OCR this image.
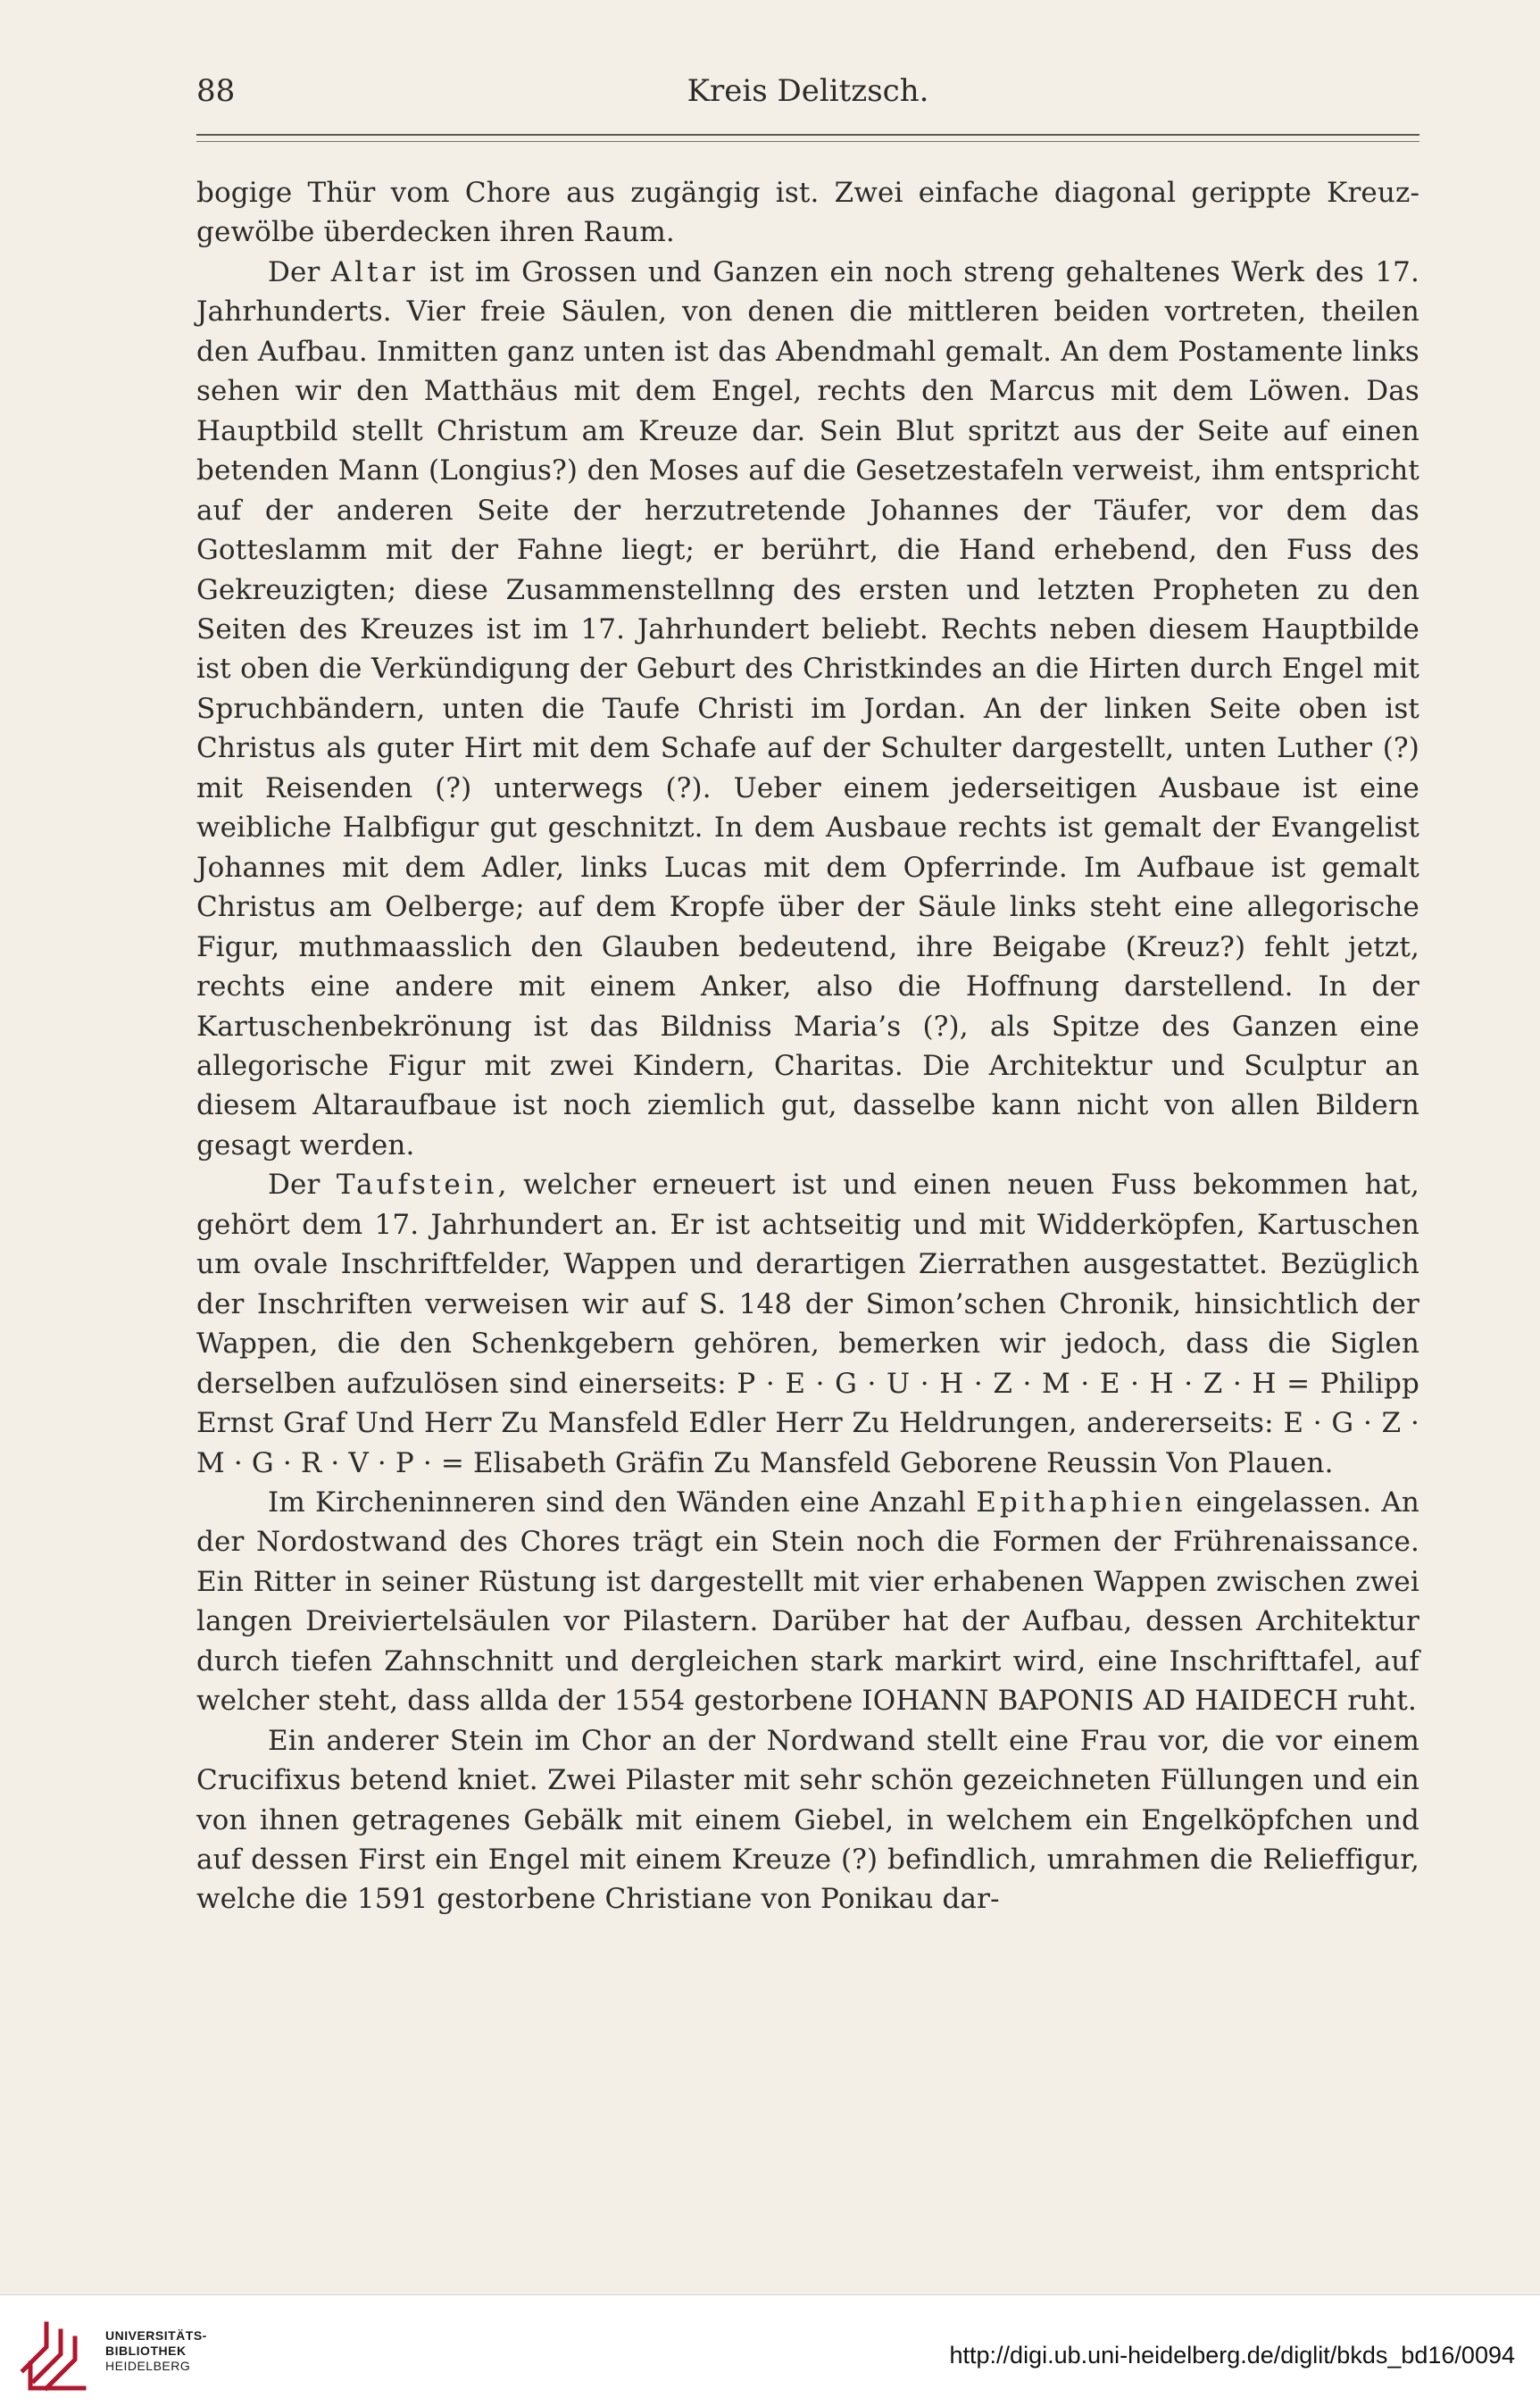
88	Kreis Delitzsch.

bogige Thür vom Chore aus zugängig ist. Zwei einfache diagonal gerippte Kreuzgewölbe überdecken ihren Raum.

Der Altar ist im Grossen und Ganzen ein noch streng gehaltenes Werk des 17. Jahrhunderts. Vier freie Säulen, von denen die mittleren beiden vortreten, theilen den Aufbau. Inmitten ganz unten ist das Abendmahl gemalt. An dem Postamente links sehen wir den Matthäus mit dem Engel, rechts den Marcus mit dem Löwen. Das Hauptbild stellt Christum am Kreuze dar. Sein Blut spritzt aus der Seite auf einen betenden Mann (Longius?) den Moses auf die Gesetzestafeln verweist, ihm entspricht auf der anderen Seite der herzutretende Johannes der Täufer, vor dem das Gotteslamm mit der Fahne liegt; er berührt, die Hand erhebend, den Fuss des Gekreuzigten; diese Zusammenstellnng des ersten und letzten Propheten zu den Seiten des Kreuzes ist im 17. Jahrhundert beliebt. Rechts neben diesem Hauptbilde ist oben die Verkündigung der Geburt des Christkindes an die Hirten durch Engel mit Spruchbändern, unten die Taufe Christi im Jordan. An der linken Seite oben ist Christus als guter Hirt mit dem Schafe auf der Schulter dargestellt, unten Luther (?) mit Reisenden (?) unterwegs (?). Ueber einem jederseitigen Ausbaue ist eine weibliche Halbfigur gut geschnitzt. In dem Ausbaue rechts ist gemalt der Evangelist Johannes mit dem Adler, links Lucas mit dem Opferrinde. Im Aufbaue ist gemalt Christus am Oelberge; auf dem Kropfe über der Säule links steht eine allegorische Figur, muthmaasslich den Glauben bedeutend, ihre Beigabe (Kreuz?) fehlt jetzt, rechts eine andere mit einem Anker, also die Hoffnung darstellend. In der Kartuschenbekrönung ist das Bildniss Maria’s (?), als Spitze des Ganzen eine allegorische Figur mit zwei Kindern, Charitas. Die Architektur und Sculptur an diesem Altaraufbaue ist noch ziemlich gut, dasselbe kann nicht von allen Bildern gesagt werden.

Der Taufstein, welcher erneuert ist und einen neuen Fuss bekommen hat, gehört dem 17. Jahrhundert an. Er ist achtseitig und mit Widderköpfen, Kartuschen um ovale Inschriftfelder, Wappen und derartigen Zierrathen ausgestattet. Bezüglich der Inschriften verweisen wir auf S. 148 der Simon’schen Chronik, hinsichtlich der Wappen, die den Schenkgebern gehören, bemerken wir jedoch, dass die Siglen derselben aufzulösen sind einerseits: P · E · G · U · H · Z · M · E · H · Z · H = Philipp Ernst Graf Und Herr Zu Mansfeld Edler Herr Zu Heldrungen, andererseits: E · G · Z · M · G · R · V · P · = Elisabeth Gräfin Zu Mansfeld Geborene Reussin Von Plauen.

Im Kircheninneren sind den Wänden eine Anzahl Epithaphien eingelassen. An der Nordostwand des Chores trägt ein Stein noch die Formen der Frührenaissance. Ein Ritter in seiner Rüstung ist dargestellt mit vier erhabenen Wappen zwischen zwei langen Dreiviertelsäulen vor Pilastern. Darüber hat der Aufbau, dessen Architektur durch tiefen Zahnschnitt und dergleichen stark markirt wird, eine Inschrifttafel, auf welcher steht, dass allda der 1554 gestorbene IOHANN BAPONIS AD HAIDECH ruht.

Ein anderer Stein im Chor an der Nordwand stellt eine Frau vor, die vor einem Crucifixus betend kniet. Zwei Pilaster mit sehr schön gezeichneten Füllungen und ein von ihnen getragenes Gebälk mit einem Giebel, in welchem ein Engelköpfchen und auf dessen First ein Engel mit einem Kreuze (?) befindlich, umrahmen die Relieffigur, welche die 1591 gestorbene Christiane von Ponikau dar-

UNIVERSITÄTS-
BIBLIOTHEK
HEIDELBERG	http://digi.ub.uni-heidelberg.de/diglit/bkds_bd16/0094
